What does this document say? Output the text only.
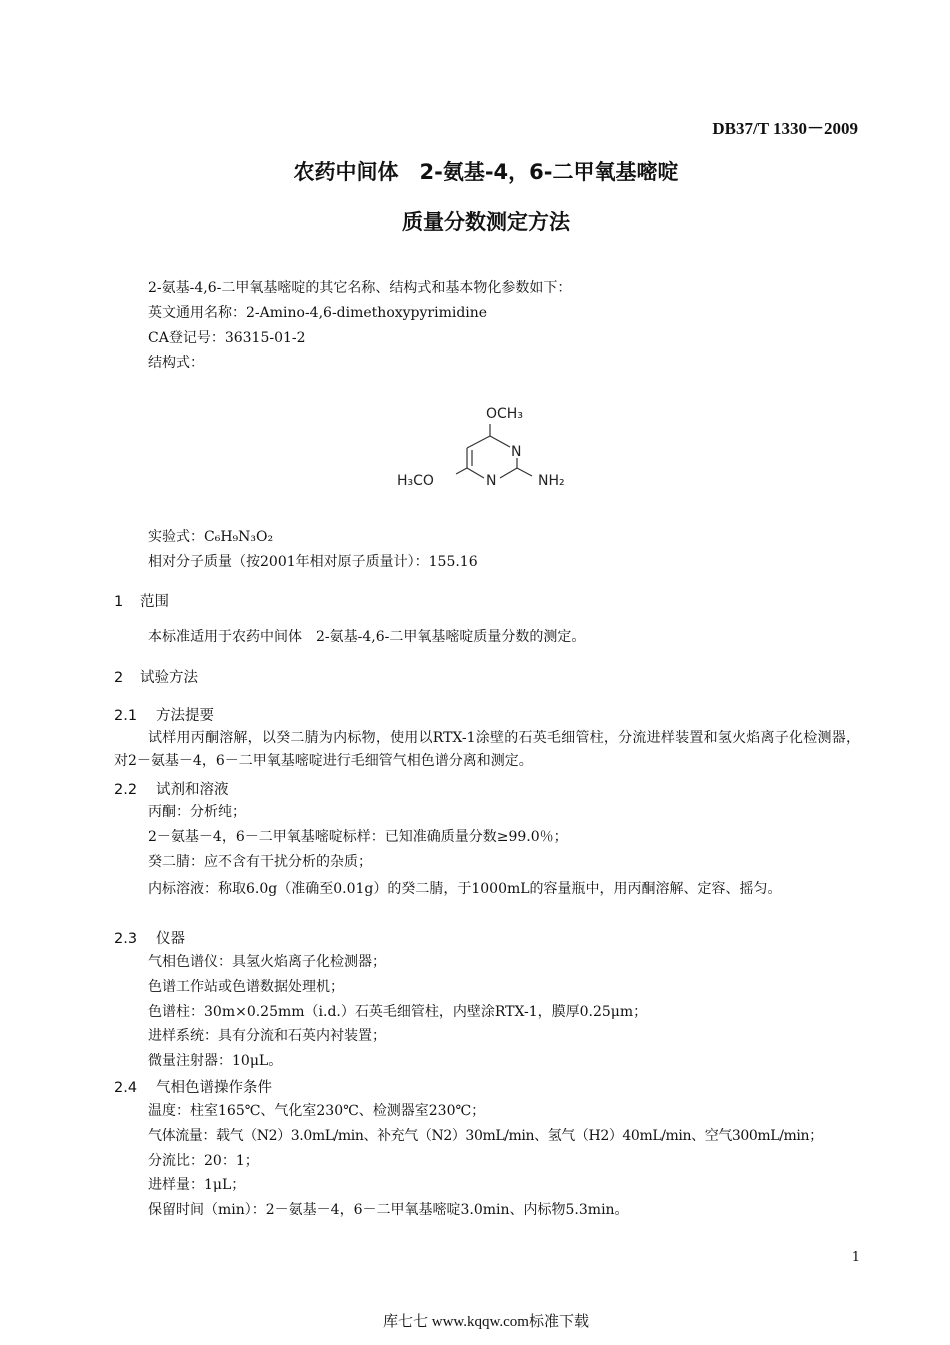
DB37/T 1330－2009
农药中间体　2-氨基-4，6-二甲氧基嘧啶
质量分数测定方法
2-氨基-4,6-二甲氧基嘧啶的其它名称、结构式和基本物化参数如下：
英文通用名称：2-Amino-4,6-dimethoxypyrimidine
CA登记号：36315-01-2
结构式：
OCH₃
N
N
H₃CO	NH₂
实验式：C₆H₉N₃O₂
相对分子质量（按2001年相对原子质量计）：155.16
1 范围
本标准适用于农药中间体　2-氨基-4,6-二甲氧基嘧啶质量分数的测定。
2 试验方法
2.1 方法提要
试样用丙酮溶解，以癸二腈为内标物，使用以RTX-1涂壁的石英毛细管柱，分流进样装置和氢火焰离子化检测器，对2－氨基－4，6－二甲氧基嘧啶进行毛细管气相色谱分离和测定。
2.2 试剂和溶液
丙酮：分析纯；
2－氨基－4，6－二甲氧基嘧啶标样：已知准确质量分数≥99.0％；
癸二腈：应不含有干扰分析的杂质；
内标溶液：称取6.0g（准确至0.01g）的癸二腈，于1000mL的容量瓶中，用丙酮溶解、定容、摇匀。
2.3 仪器
气相色谱仪：具氢火焰离子化检测器；
色谱工作站或色谱数据处理机；
色谱柱：30m×0.25mm（i.d.）石英毛细管柱，内壁涂RTX-1，膜厚0.25μm；
进样系统：具有分流和石英内衬装置；
微量注射器：10μL。
2.4 气相色谱操作条件
温度：柱室165℃、气化室230℃、检测器室230℃；
气体流量：载气（N2）3.0mL/min、补充气（N2）30mL/min、氢气（H2）40mL/min、空气300mL/min；
分流比：20：1；
进样量：1μL；
保留时间（min）：2－氨基－4，6－二甲氧基嘧啶3.0min、内标物5.3min。
1
库七七 www.kqqw.com标准下载
